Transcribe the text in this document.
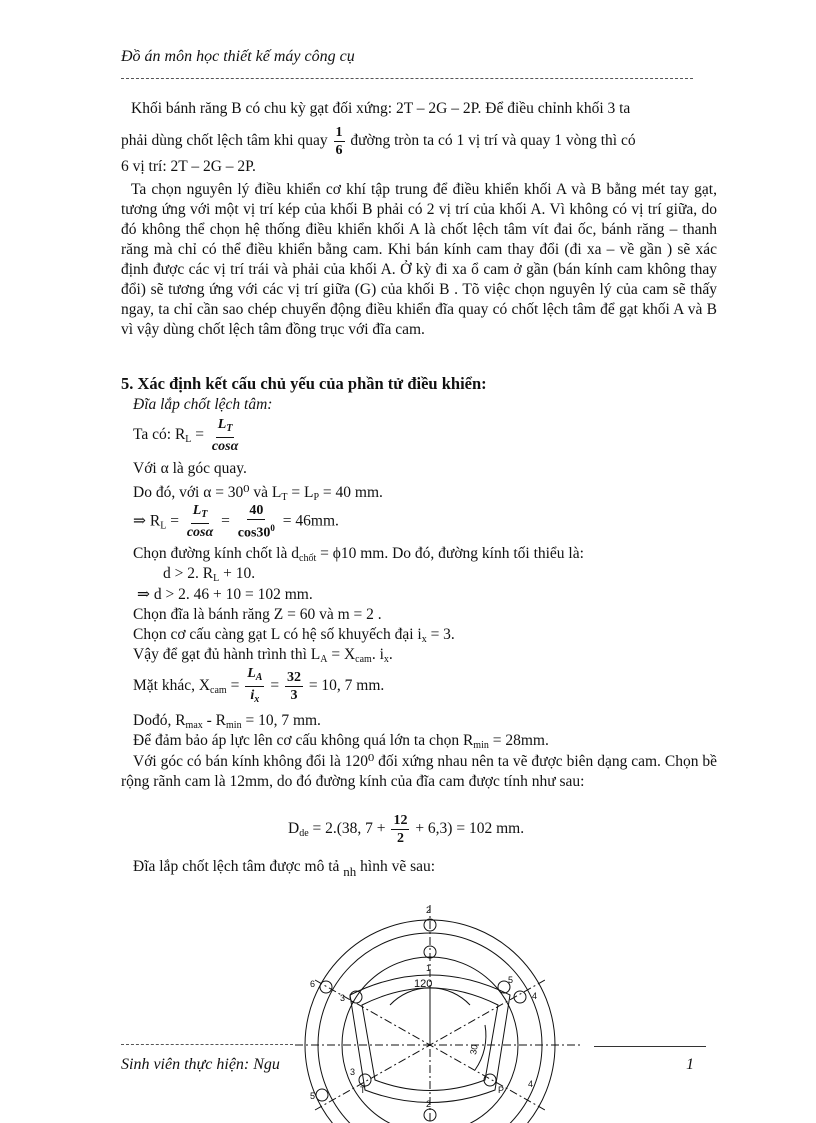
Đồ án môn học thiết kế máy công cụ
Khối bánh răng B có chu kỳ gạt đối xứng: 2T – 2G – 2P. Để điều chỉnh khối 3 ta
phải dùng chốt lệch tâm khi quay $\frac{1}{6}$ đường tròn ta có 1 vị trí và quay 1 vòng thì có
6 vị trí: 2T – 2G – 2P.
Ta chọn nguyên lý điều khiển cơ khí tập trung để điều khiển khối A và B bằng mét tay gạt, tương ứng với một vị trí kép của khối B phải có 2 vị trí của khối A. Vì không có vị trí giữa, do đó không thể chọn hệ thống điều khiển khối A là chốt lệch tâm vít đai ốc, bánh răng – thanh răng mà chỉ có thể điều khiển bằng cam. Khi bán kính cam thay đổi (đi xa – về gần ) sẽ xác định được các vị trí trái và phải của khối A. Ở kỳ đi xa ổ cam ở gần (bán kính cam không thay đổi) sẽ tương ứng với các vị trí giữa (G) của khối B . Tõ việc chọn nguyên lý của cam sẽ thấy ngay, ta chỉ cần sao chép chuyển động điều khiển đĩa quay có chốt lệch tâm để gạt khối A và B vì vậy dùng chốt lệch tâm đồng trục với đĩa cam.
5. Xác định kết cấu chủ yếu của phần tử điều khiển:
Đĩa lắp chốt lệch tâm:
Ta có: $R_L = \frac{L_T}{\cos\alpha}$
Với α là góc quay.
Do đó, với α = 30⁰ và $L_T = L_P = 40$ mm.
⇒ $R_L = \frac{L_T}{\cos\alpha} = \frac{40}{\cos 30^0} = 46mm$.
Chọn đường kính chốt là $d_{chốt} = \phi 10$ mm. Do đó, đường kính tối thiểu là:
d > 2. $R_L + 10$.
⇒ d > 2. 46 + 10 = 102 mm.
Chọn đĩa là bánh răng Z = 60 và m = 2 .
Chọn cơ cấu càng gạt L có hệ số khuyếch đại $i_x = 3$.
Vậy để gạt đủ hành trình thì $L_A = X_{cam}$. $i_x$.
Mặt khác, $X_{cam} = \frac{L_A}{i_x} = \frac{32}{3} = 10$, 7 mm.
Dođó, $R_{max} - R_{min} = 10$, 7 mm.
Để đảm bảo áp lực lên cơ cấu không quá lớn ta chọn $R_{min} = 28mm$.
Với góc có bán kính không đổi là 120⁰ đối xứng nhau nên ta vẽ được biên dạng cam. Chọn bề rộng rãnh cam là 12mm, do đó đường kính của đĩa cam được tính như sau:
$D_{de} = 2.(38$, $7 + \frac{12}{2} + 6,3) = 102$ mm.
Đĩa lắp chốt lệch tâm được mô tả $_{nh}$ hình vẽ sau:
120
30
2
1
6
3
5
4
3
T	P
4
5
2
Sinh viên thực hiện: Ngu	1
